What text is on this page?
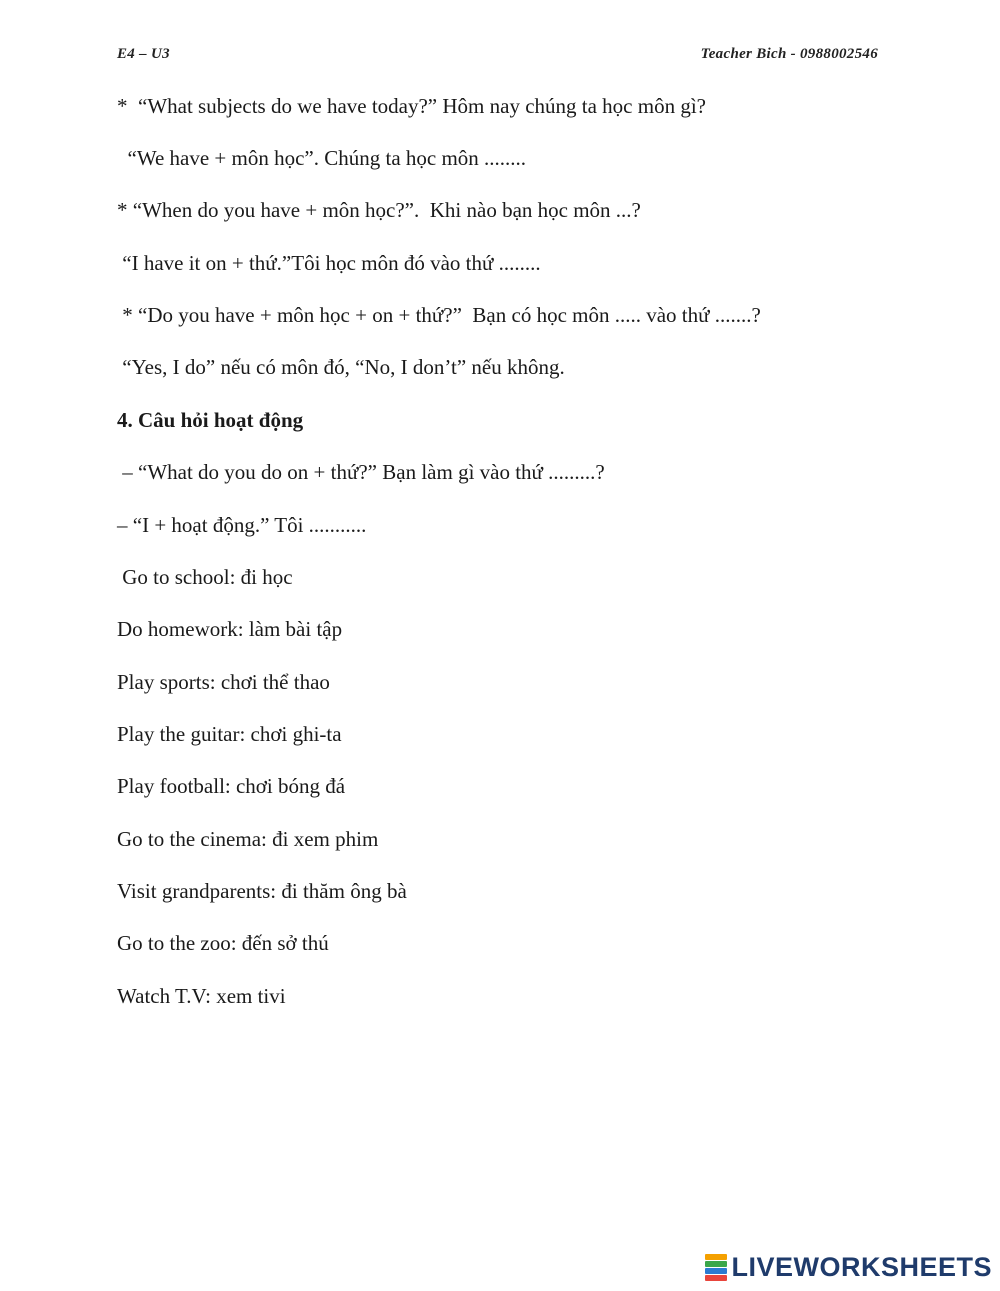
E4 – U3	Teacher Bich - 0988002546
*  “What subjects do we have today?” Hôm nay chúng ta học môn gì?
“We have + môn học”. Chúng ta học môn ........
* “When do you have + môn học?”.  Khi nào bạn học môn ...?
“I have it on + thứ.”Tôi học môn đó vào thứ ........
* “Do you have + môn học + on + thứ?”  Bạn có học môn ..... vào thứ .......?
“Yes, I do” nếu có môn đó, “No, I don’t” nếu không.
4. Câu hỏi hoạt động
– “What do you do on + thứ?” Bạn làm gì vào thứ .........?
– “I + hoạt động.” Tôi ...........
Go to school: đi học
Do homework: làm bài tập
Play sports: chơi thể thao
Play the guitar: chơi ghi-ta
Play football: chơi bóng đá
Go to the cinema: đi xem phim
Visit grandparents: đi thăm ông bà
Go to the zoo: đến sở thú
Watch T.V: xem tivi
LIVEWORKSHEETS
